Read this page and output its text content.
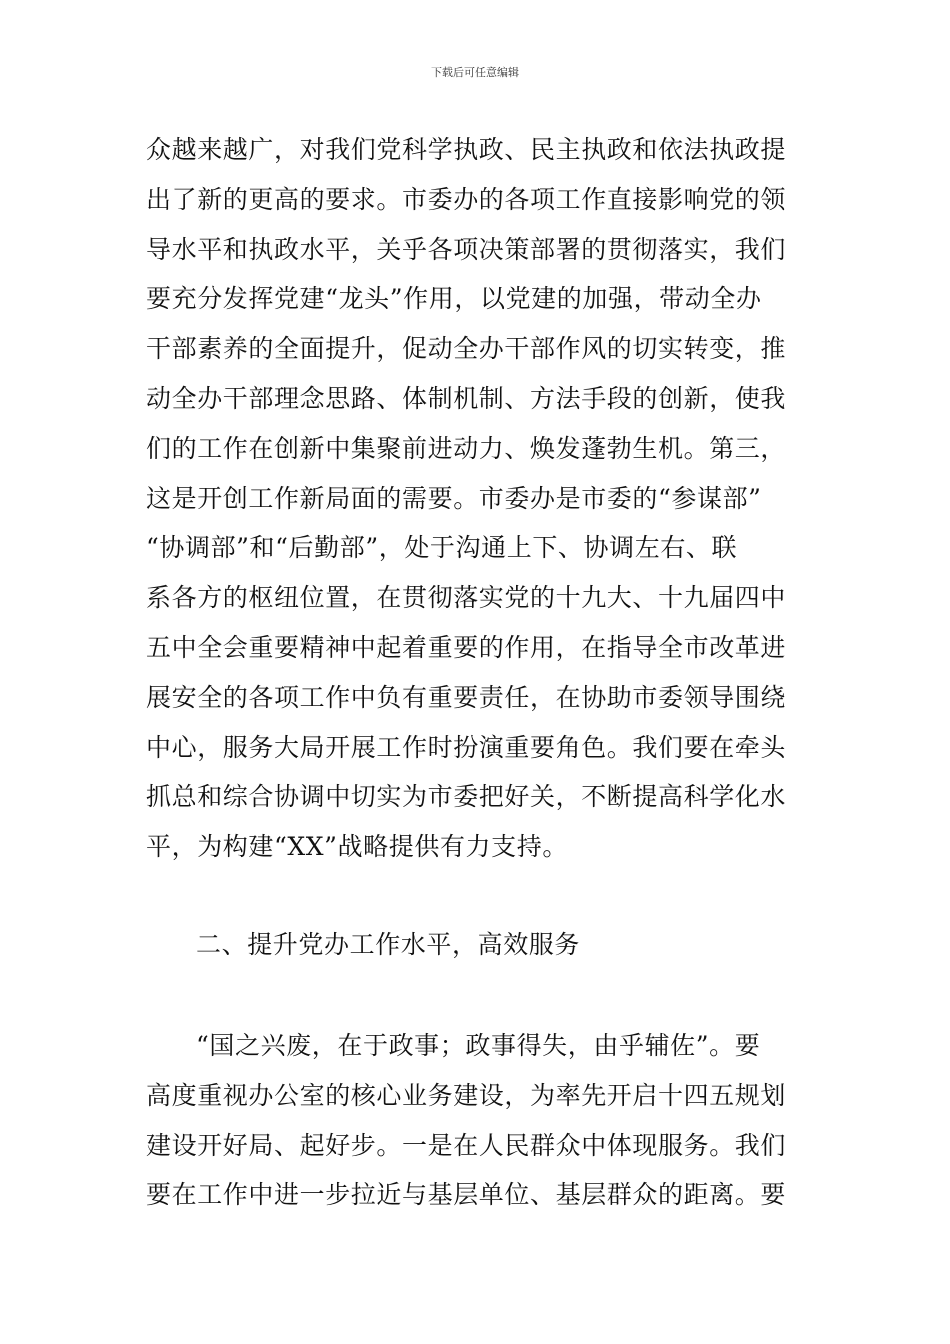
下载后可任意编辑
众越来越广，对我们党科学执政、民主执政和依法执政提
出了新的更高的要求。市委办的各项工作直接影响党的领
导水平和执政水平，关乎各项决策部署的贯彻落实，我们
要充分发挥党建“龙头”作用，以党建的加强，带动全办
干部素养的全面提升，促动全办干部作风的切实转变，推
动全办干部理念思路、体制机制、方法手段的创新，使我
们的工作在创新中集聚前进动力、焕发蓬勃生机。第三，
这是开创工作新局面的需要。市委办是市委的“参谋部”
“协调部”和“后勤部”，处于沟通上下、协调左右、联
系各方的枢纽位置，在贯彻落实党的十九大、十九届四中
五中全会重要精神中起着重要的作用，在指导全市改革进
展安全的各项工作中负有重要责任，在协助市委领导围绕
中心，服务大局开展工作时扮演重要角色。我们要在牵头
抓总和综合协调中切实为市委把好关，不断提高科学化水
平，为构建“XX”战略提供有力支持。
二、提升党办工作水平，高效服务
“国之兴废，在于政事；政事得失，由乎辅佐”。要
高度重视办公室的核心业务建设，为率先开启十四五规划
建设开好局、起好步。一是在人民群众中体现服务。我们
要在工作中进一步拉近与基层单位、基层群众的距离。要
